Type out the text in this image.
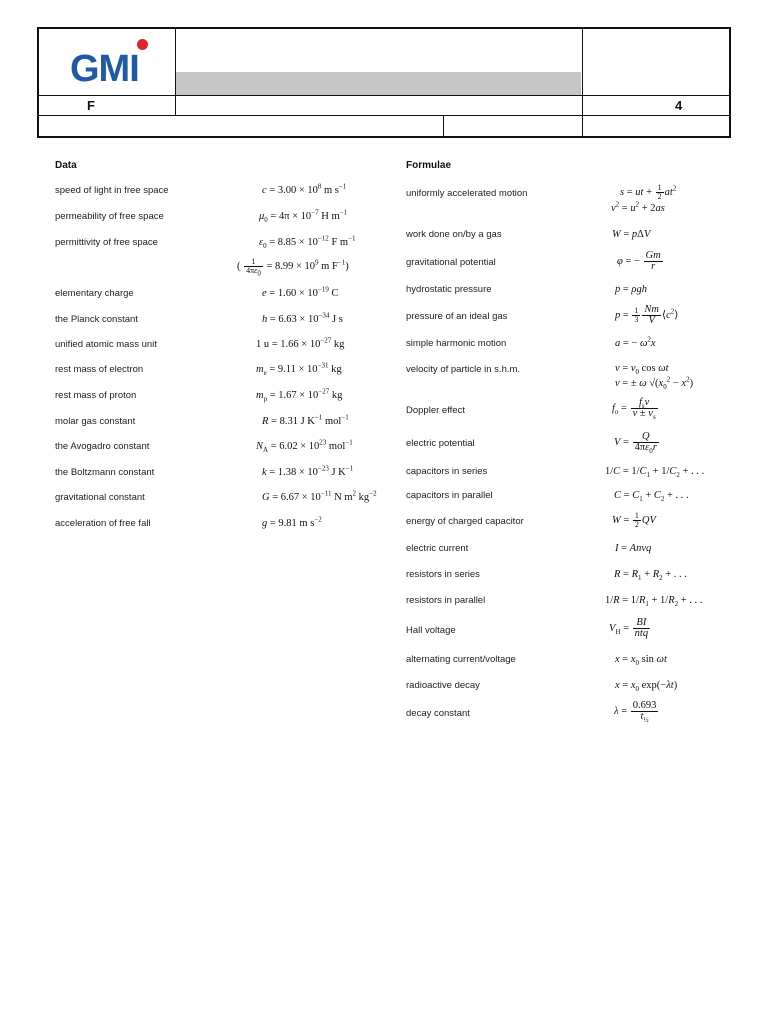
GMI
F	4
Data
speed of light in free space	$c = 3.00 \times 10^8$ m $s^{-1}$
permeability of free space	$\mu_0 = 4\pi \times 10^{-7}$ H $m^{-1}$
permittivity of free space	$\varepsilon_0 = 8.85 \times 10^{-12}$ F $m^{-1}$
( $\frac{1}{4\pi\varepsilon_0} = 8.99 \times 10^9$ m $F^{-1}$)
elementary charge	$e = 1.60 \times 10^{-19}$ C
the Planck constant	$h = 6.63 \times 10^{-34}$ J s
unified atomic mass unit	1 $u = 1.66 \times 10^{-27}$ kg
rest mass of electron	$m_e = 9.11 \times 10^{-31}$ kg
rest mass of proton	$m_p = 1.67 \times 10^{-27}$ kg
molar gas constant	R = 8.31 J $K^{-1}$ mol$^{-1}$
the Avogadro constant	$N_A = 6.02 \times 10^{23}$ mol$^{-1}$
the Boltzmann constant	$k = 1.38 \times 10^{-23}$ J $K^{-1}$
gravitational constant	$G = 6.67 \times 10^{-11}$ N $m^2$ $kg^{-2}$
acceleration of free fall	g = 9.81 m $s^{-2}$
Formulae
uniformly accelerated motion	s = ut + $\frac{1}{2} at^2$
$v^2 = u^2 + 2as$
work done on/by a gas	W = pΔV
gravitational potential	φ = − $\frac{Gm}{r}$
hydrostatic pressure	p = ρgh
pressure of an ideal gas	$p = \frac{1}{3} \frac{Nm}{V}$ $⟨c^2⟩$
simple harmonic motion	a = − $\omega^2x$
velocity of particle in s.h.m.	$v = v_0$ cos ωt
v = ± ω $√(x_0^2 - x^2)$
Doppler effect	$f_o = \frac{f_sv}{v \pm v_s}$
electric potential	$V = \frac{Q}{4\pi\varepsilon_0r}$
capacitors in series	$1/C = 1/C_1 + 1/C_2$ + . . .
capacitors in parallel	$C = C_1 + C_2$ + . . .
energy of charged capacitor	$W = \frac{1}{2}$ QV
electric current	I = Anvq
resistors in series	$R = R_1 + R_2$ + . . .
resistors in parallel	$1/R = 1/R_1 + 1/R_2$ + . . .
Hall voltage	$V_H = \frac{BI}{\text{ntq}}$
alternating current/voltage	$x = x_0$ sin ωt
radioactive decay	$x = x_0$ exp(−λt)
decay constant	$\lambda = \frac{0.693}{t_{\frac{1}{2}}}$
